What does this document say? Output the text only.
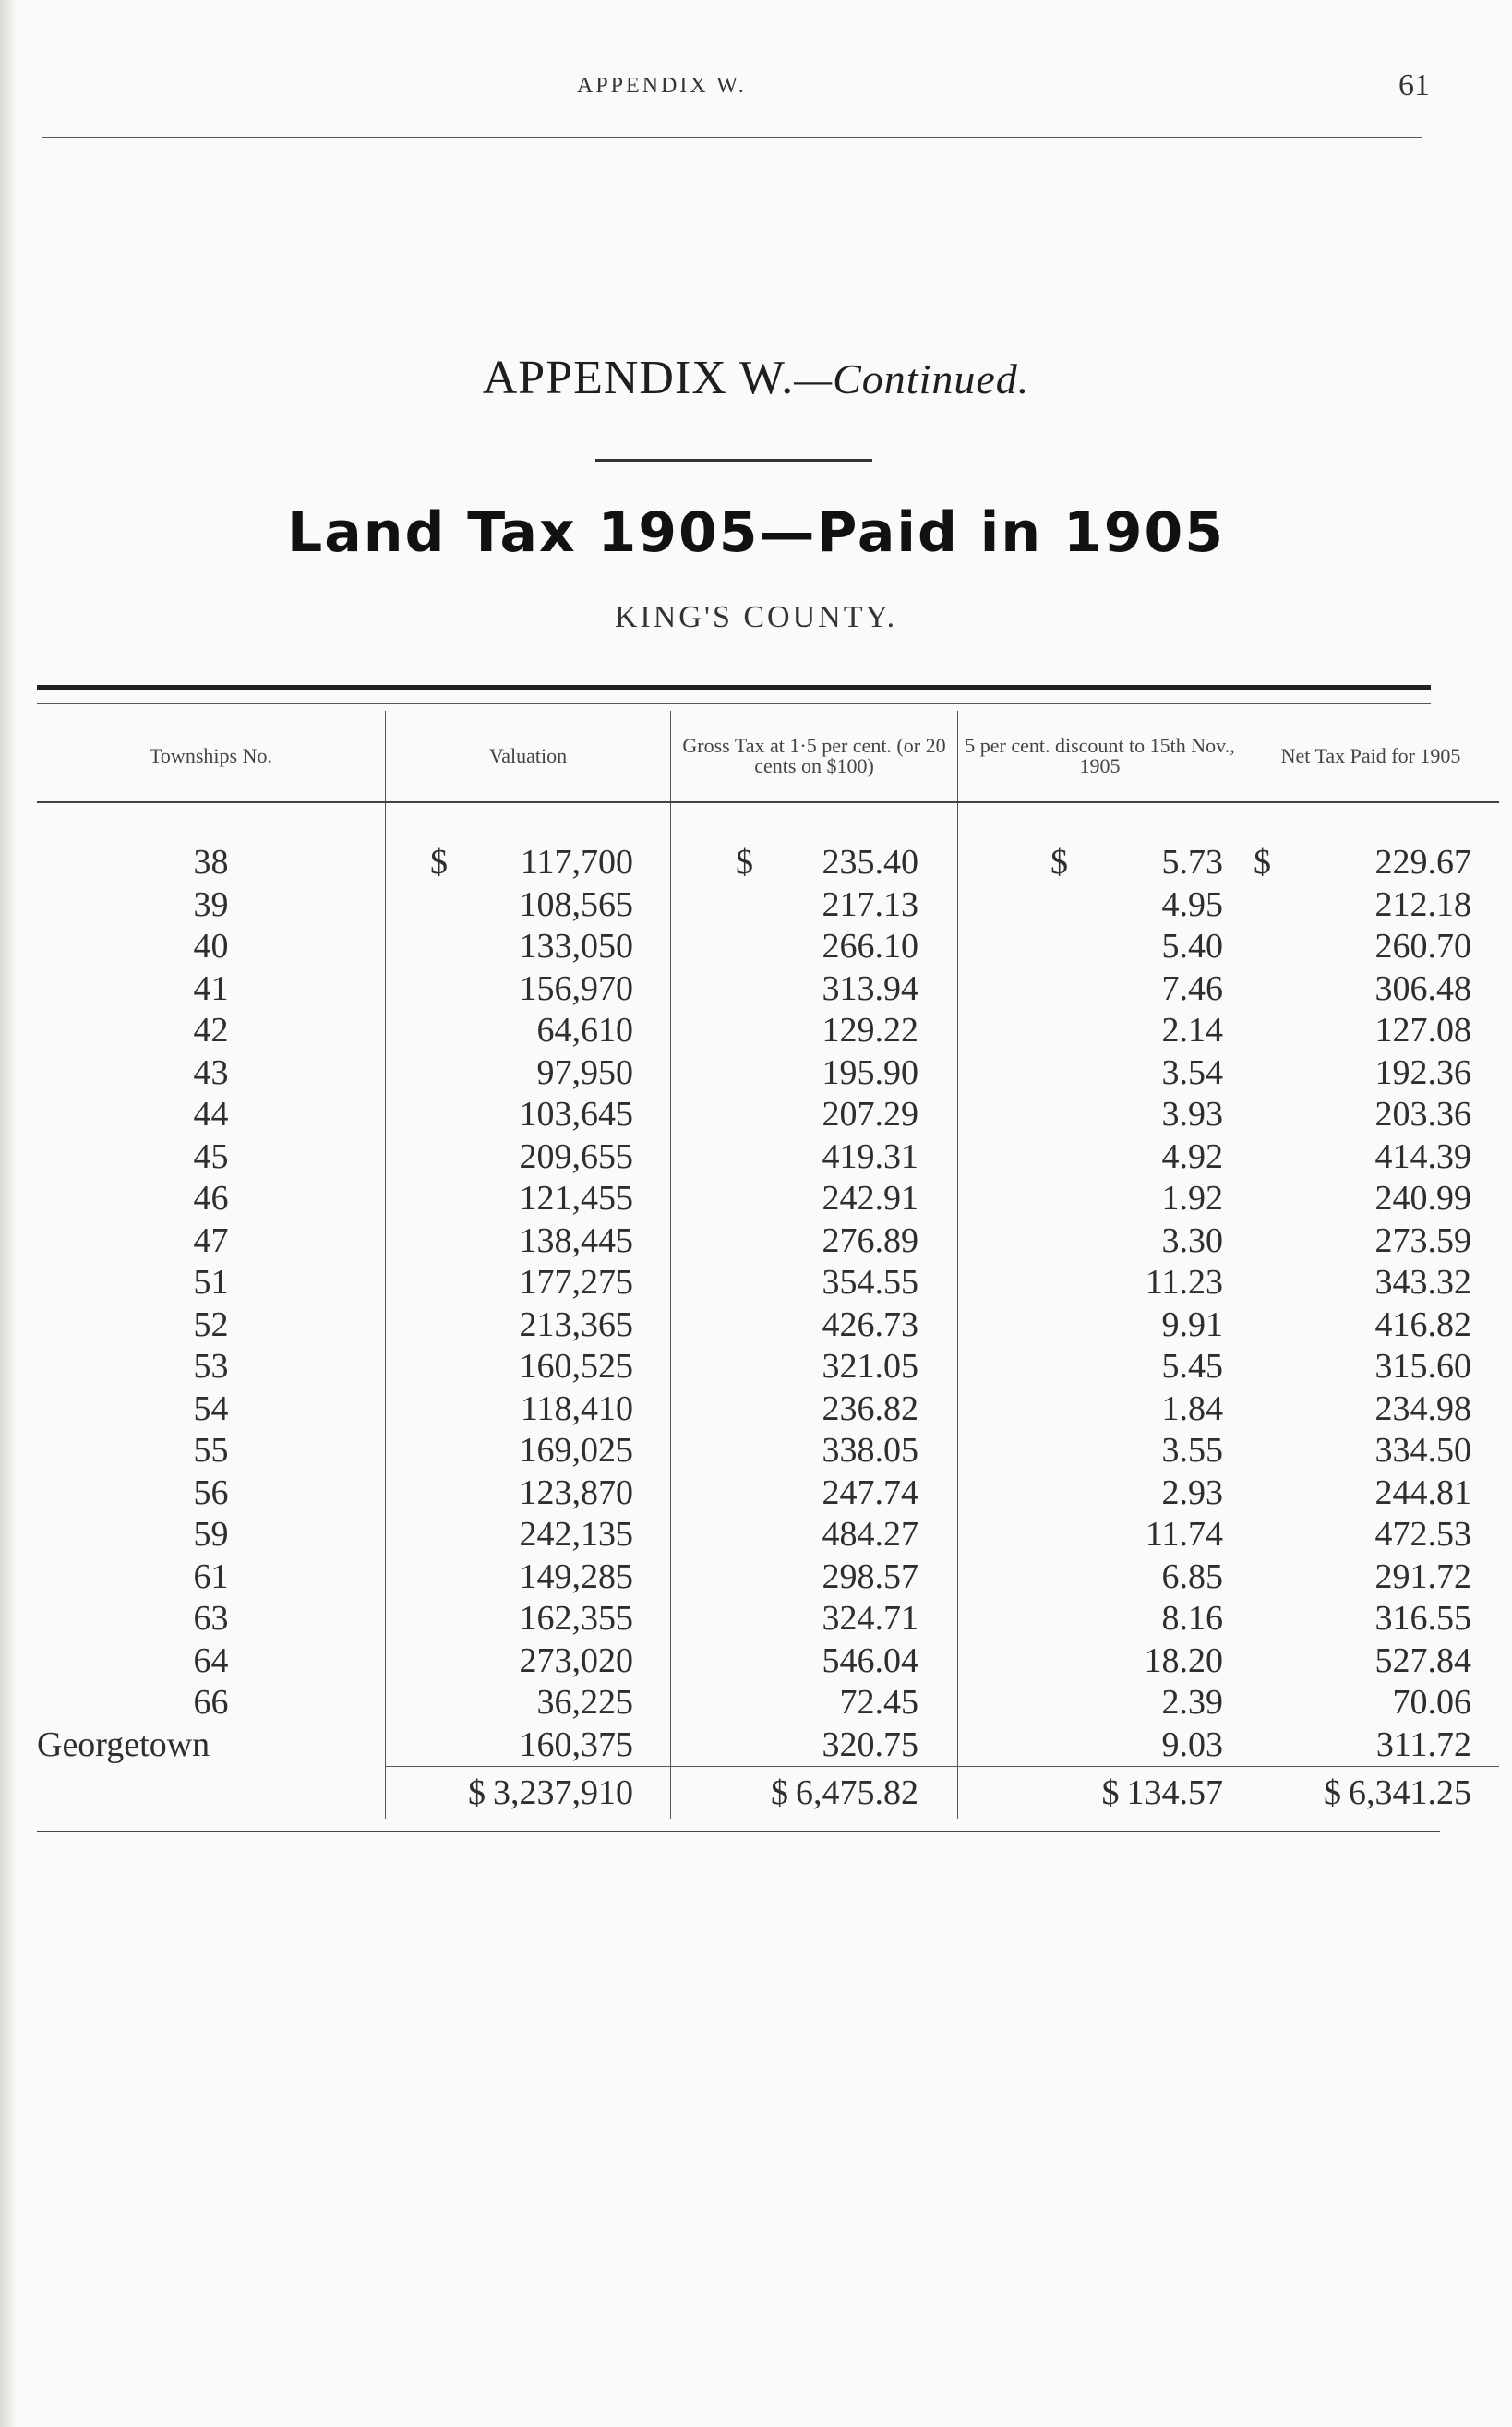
APPENDIX W.	61
APPENDIX W.—Continued.
Land Tax 1905—Paid in 1905
KING'S COUNTY.
Townships No.	Valuation	Gross Tax at 1·5 per cent. (or 20 cents on $100)	5 per cent. discount to 15th Nov., 1905	Net Tax Paid for 1905

38	$ 117,700	$ 235.40	$ 5.73	$ 229.67
39	108,565	217.13	4.95	212.18
40	133,050	266.10	5.40	260.70
41	156,970	313.94	7.46	306.48
42	64,610	129.22	2.14	127.08
43	97,950	195.90	3.54	192.36
44	103,645	207.29	3.93	203.36
45	209,655	419.31	4.92	414.39
46	121,455	242.91	1.92	240.99
47	138,445	276.89	3.30	273.59
51	177,275	354.55	11.23	343.32
52	213,365	426.73	9.91	416.82
53	160,525	321.05	5.45	315.60
54	118,410	236.82	1.84	234.98
55	169,025	338.05	3.55	334.50
56	123,870	247.74	2.93	244.81
59	242,135	484.27	11.74	472.53
61	149,285	298.57	6.85	291.72
63	162,355	324.71	8.16	316.55
64	273,020	546.04	18.20	527.84
66	36,225	72.45	2.39	70.06
Georgetown	160,375	320.75	9.03	311.72
	$ 3,237,910	$ 6,475.82	$ 134.57	$ 6,341.25
